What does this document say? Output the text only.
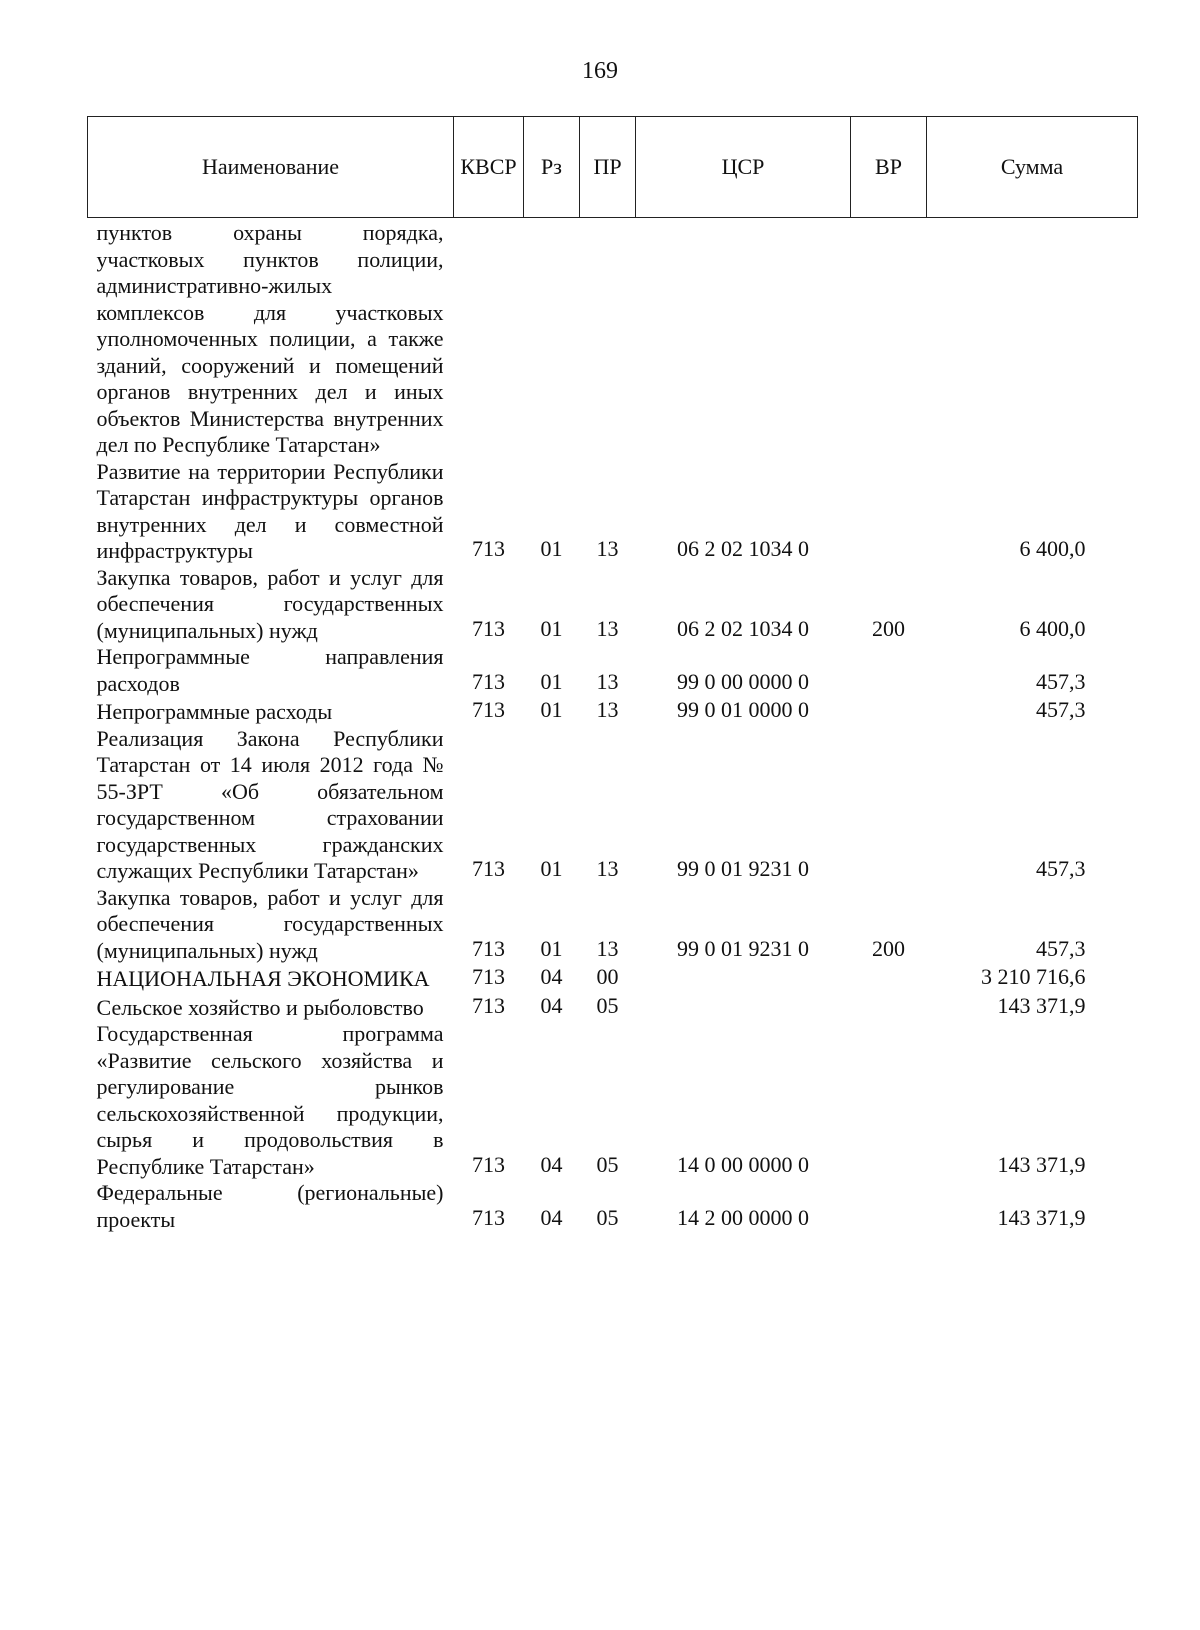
169
Наименование	КВСР	Рз	ПР	ЦСР	ВР	Сумма
пунктов охраны порядка, участковых пунктов полиции, административно-жилых комплексов для участковых уполномоченных полиции, а также зданий, сооружений и помещений органов внутренних дел и иных объектов Министерства внутренних дел по Республике Татарстан»						
Развитие на территории Республики Татарстан инфраструктуры органов внутренних дел и совместной инфраструктуры	713	01	13	06 2 02 1034 0		6 400,0
Закупка товаров, работ и услуг для обеспечения государственных (муниципальных) нужд	713	01	13	06 2 02 1034 0	200	6 400,0
Непрограммные направления расходов	713	01	13	99 0 00 0000 0		457,3
Непрограммные расходы	713	01	13	99 0 01 0000 0		457,3
Реализация Закона Республики Татарстан от 14 июля 2012 года № 55-ЗРТ «Об обязательном государственном страховании государственных гражданских служащих Республики Татарстан»	713	01	13	99 0 01 9231 0		457,3
Закупка товаров, работ и услуг для обеспечения государственных (муниципальных) нужд	713	01	13	99 0 01 9231 0	200	457,3
НАЦИОНАЛЬНАЯ ЭКОНОМИКА	713	04	00			3 210 716,6
Сельское хозяйство и рыболовство	713	04	05			143 371,9
Государственная программа «Развитие сельского хозяйства и регулирование рынков сельскохозяйственной продукции, сырья и продовольствия в Республике Татарстан»	713	04	05	14 0 00 0000 0		143 371,9
Федеральные (региональные) проекты	713	04	05	14 2 00 0000 0		143 371,9
